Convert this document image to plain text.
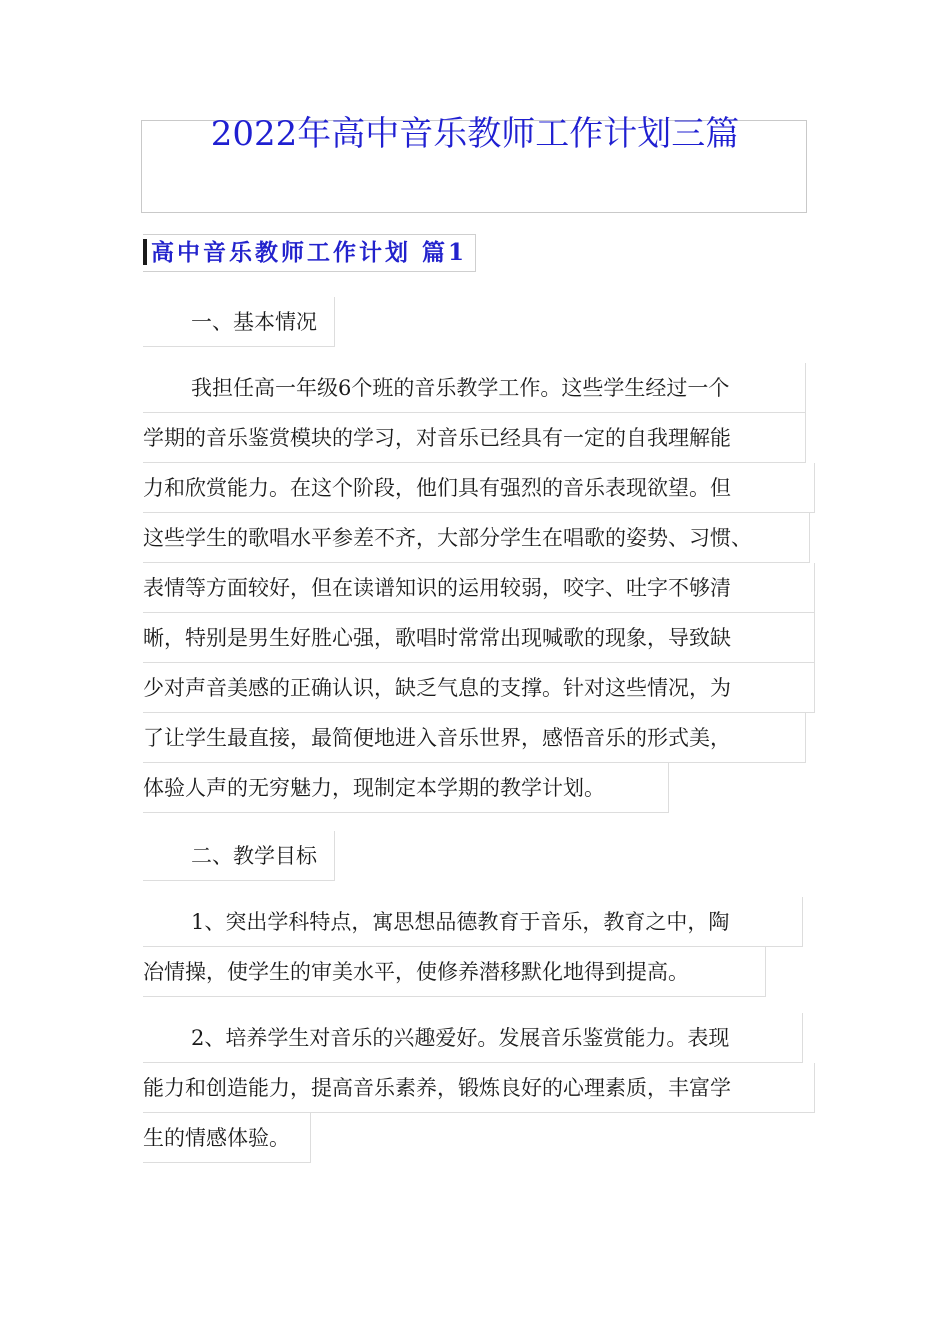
2022年高中音乐教师工作计划三篇
高中音乐教师工作计划 篇1
一、基本情况
我担任高一年级6个班的音乐教学工作。这些学生经过一个
学期的音乐鉴赏模块的学习，对音乐已经具有一定的自我理解能
力和欣赏能力。在这个阶段，他们具有强烈的音乐表现欲望。但
这些学生的歌唱水平参差不齐，大部分学生在唱歌的姿势、习惯、
表情等方面较好，但在读谱知识的运用较弱，咬字、吐字不够清
晰，特别是男生好胜心强，歌唱时常常出现喊歌的现象，导致缺
少对声音美感的正确认识，缺乏气息的支撑。针对这些情况，为
了让学生最直接，最简便地进入音乐世界，感悟音乐的形式美，
体验人声的无穷魅力，现制定本学期的教学计划。
二、教学目标
1、突出学科特点，寓思想品德教育于音乐，教育之中，陶
冶情操，使学生的审美水平，使修养潜移默化地得到提高。
2、培养学生对音乐的兴趣爱好。发展音乐鉴赏能力。表现
能力和创造能力，提高音乐素养，锻炼良好的心理素质，丰富学
生的情感体验。
